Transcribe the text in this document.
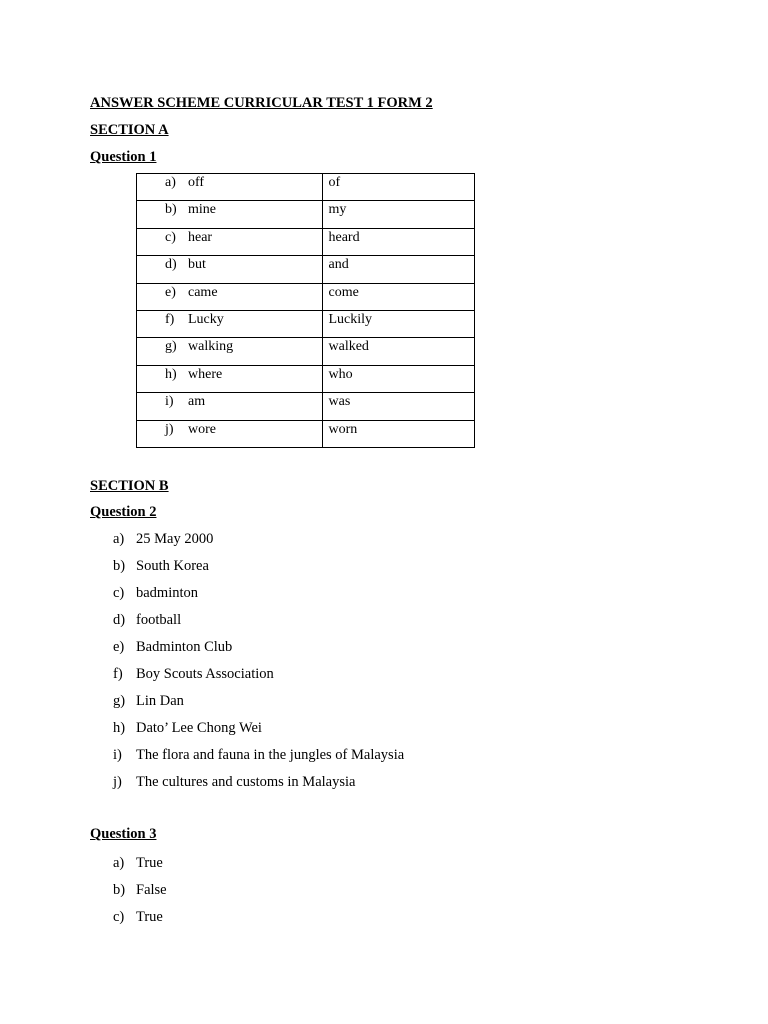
ANSWER SCHEME CURRICULAR TEST 1 FORM 2
SECTION A
Question 1
a) off	of
b) mine	my
c) hear	heard
d) but	and
e) came	come
f) Lucky	Luckily
g) walking	walked
h) where	who
i) am	was
j) wore	worn
SECTION B
Question 2
a) 25 May 2000
b) South Korea
c) badminton
d) football
e) Badminton Club
f) Boy Scouts Association
g) Lin Dan
h) Dato’ Lee Chong Wei
i) The flora and fauna in the jungles of Malaysia
j) The cultures and customs in Malaysia
Question 3
a) True
b) False
c) True
